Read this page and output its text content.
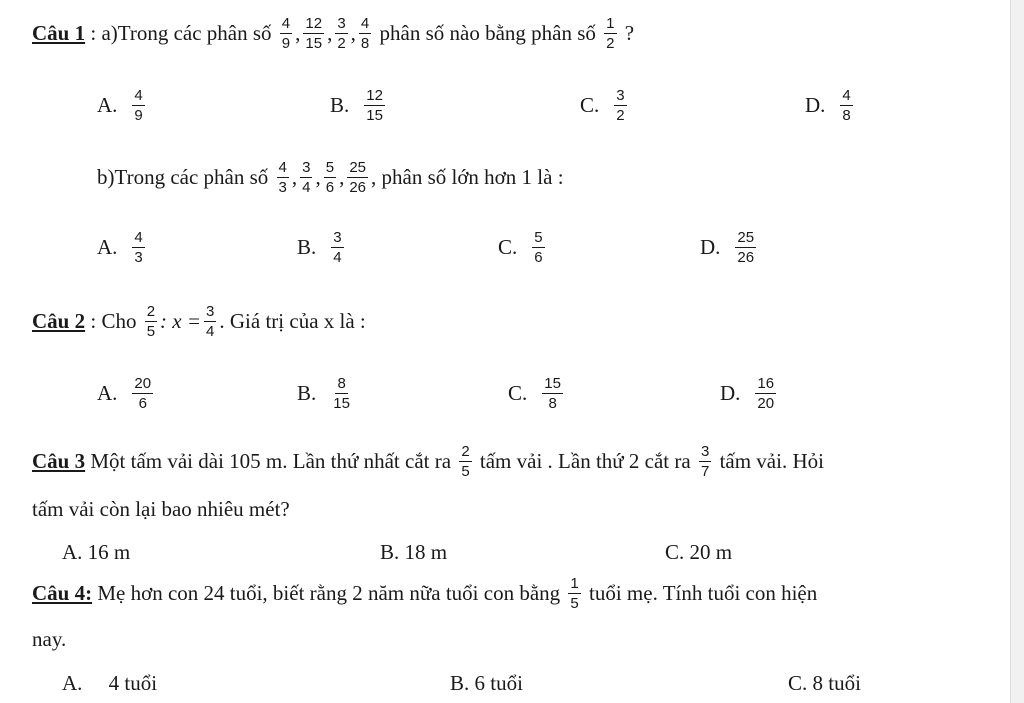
Câu 1 : a)Trong các phân số $\frac{4}{9}$ , $\frac{12}{15}$ , $\frac{3}{2}$ , $\frac{4}{8}$ phân số nào bằng phân số $\frac{1}{2}$ ?
A. $\frac{4}{9}$	B. $\frac{12}{15}$	C. $\frac{3}{2}$	D. $\frac{4}{8}$
b)Trong các phân số $\frac{4}{3}$ , $\frac{3}{4}$ , $\frac{5}{6}$ , $\frac{25}{26}$ , phân số lớn hơn 1 là :
A. $\frac{4}{3}$	B. $\frac{3}{4}$	C. $\frac{5}{6}$	D. $\frac{25}{26}$
Câu 2 : Cho $\frac{2}{5}$ : $x = \frac{3}{4}$ . Giá trị của x là :
A. $\frac{20}{6}$	B. $\frac{8}{15}$	C. $\frac{15}{8}$	D. $\frac{16}{20}$
Câu 3 Một tấm vải dài 105 m. Lần thứ nhất cắt ra $\frac{2}{5}$ tấm vải . Lần thứ 2 cắt ra $\frac{3}{7}$ tấm vải. Hỏi
tấm vải còn lại bao nhiêu mét?
A. 16 m	B. 18 m	C. 20 m
Câu 4: Mẹ hơn con 24 tuổi, biết rằng 2 năm nữa tuổi con bằng $\frac{1}{5}$ tuổi mẹ. Tính tuổi con hiện
nay.
A.     4 tuổi	B. 6 tuổi	C. 8 tuổi
